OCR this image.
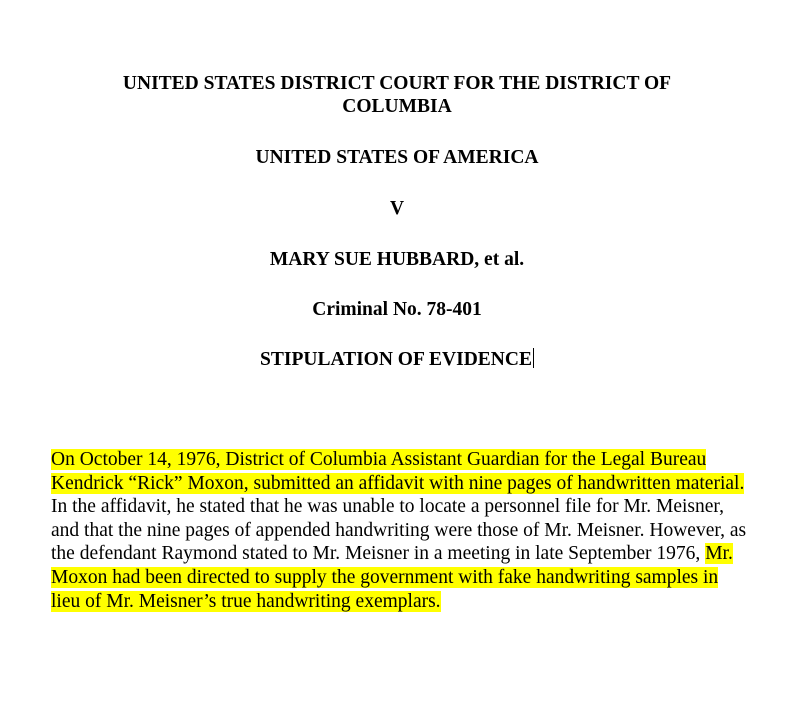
UNITED STATES DISTRICT COURT FOR THE DISTRICT OF COLUMBIA
UNITED STATES OF AMERICA
V
MARY SUE HUBBARD, et al.
Criminal No. 78-401
STIPULATION OF EVIDENCE
On October 14, 1976, District of Columbia Assistant Guardian for the Legal Bureau Kendrick “Rick” Moxon, submitted an affidavit with nine pages of handwritten material. In the affidavit, he stated that he was unable to locate a personnel file for Mr. Meisner, and that the nine pages of appended handwriting were those of Mr. Meisner. However, as the defendant Raymond stated to Mr. Meisner in a meeting in late September 1976, Mr. Moxon had been directed to supply the government with fake handwriting samples in lieu of Mr. Meisner’s true handwriting exemplars.
